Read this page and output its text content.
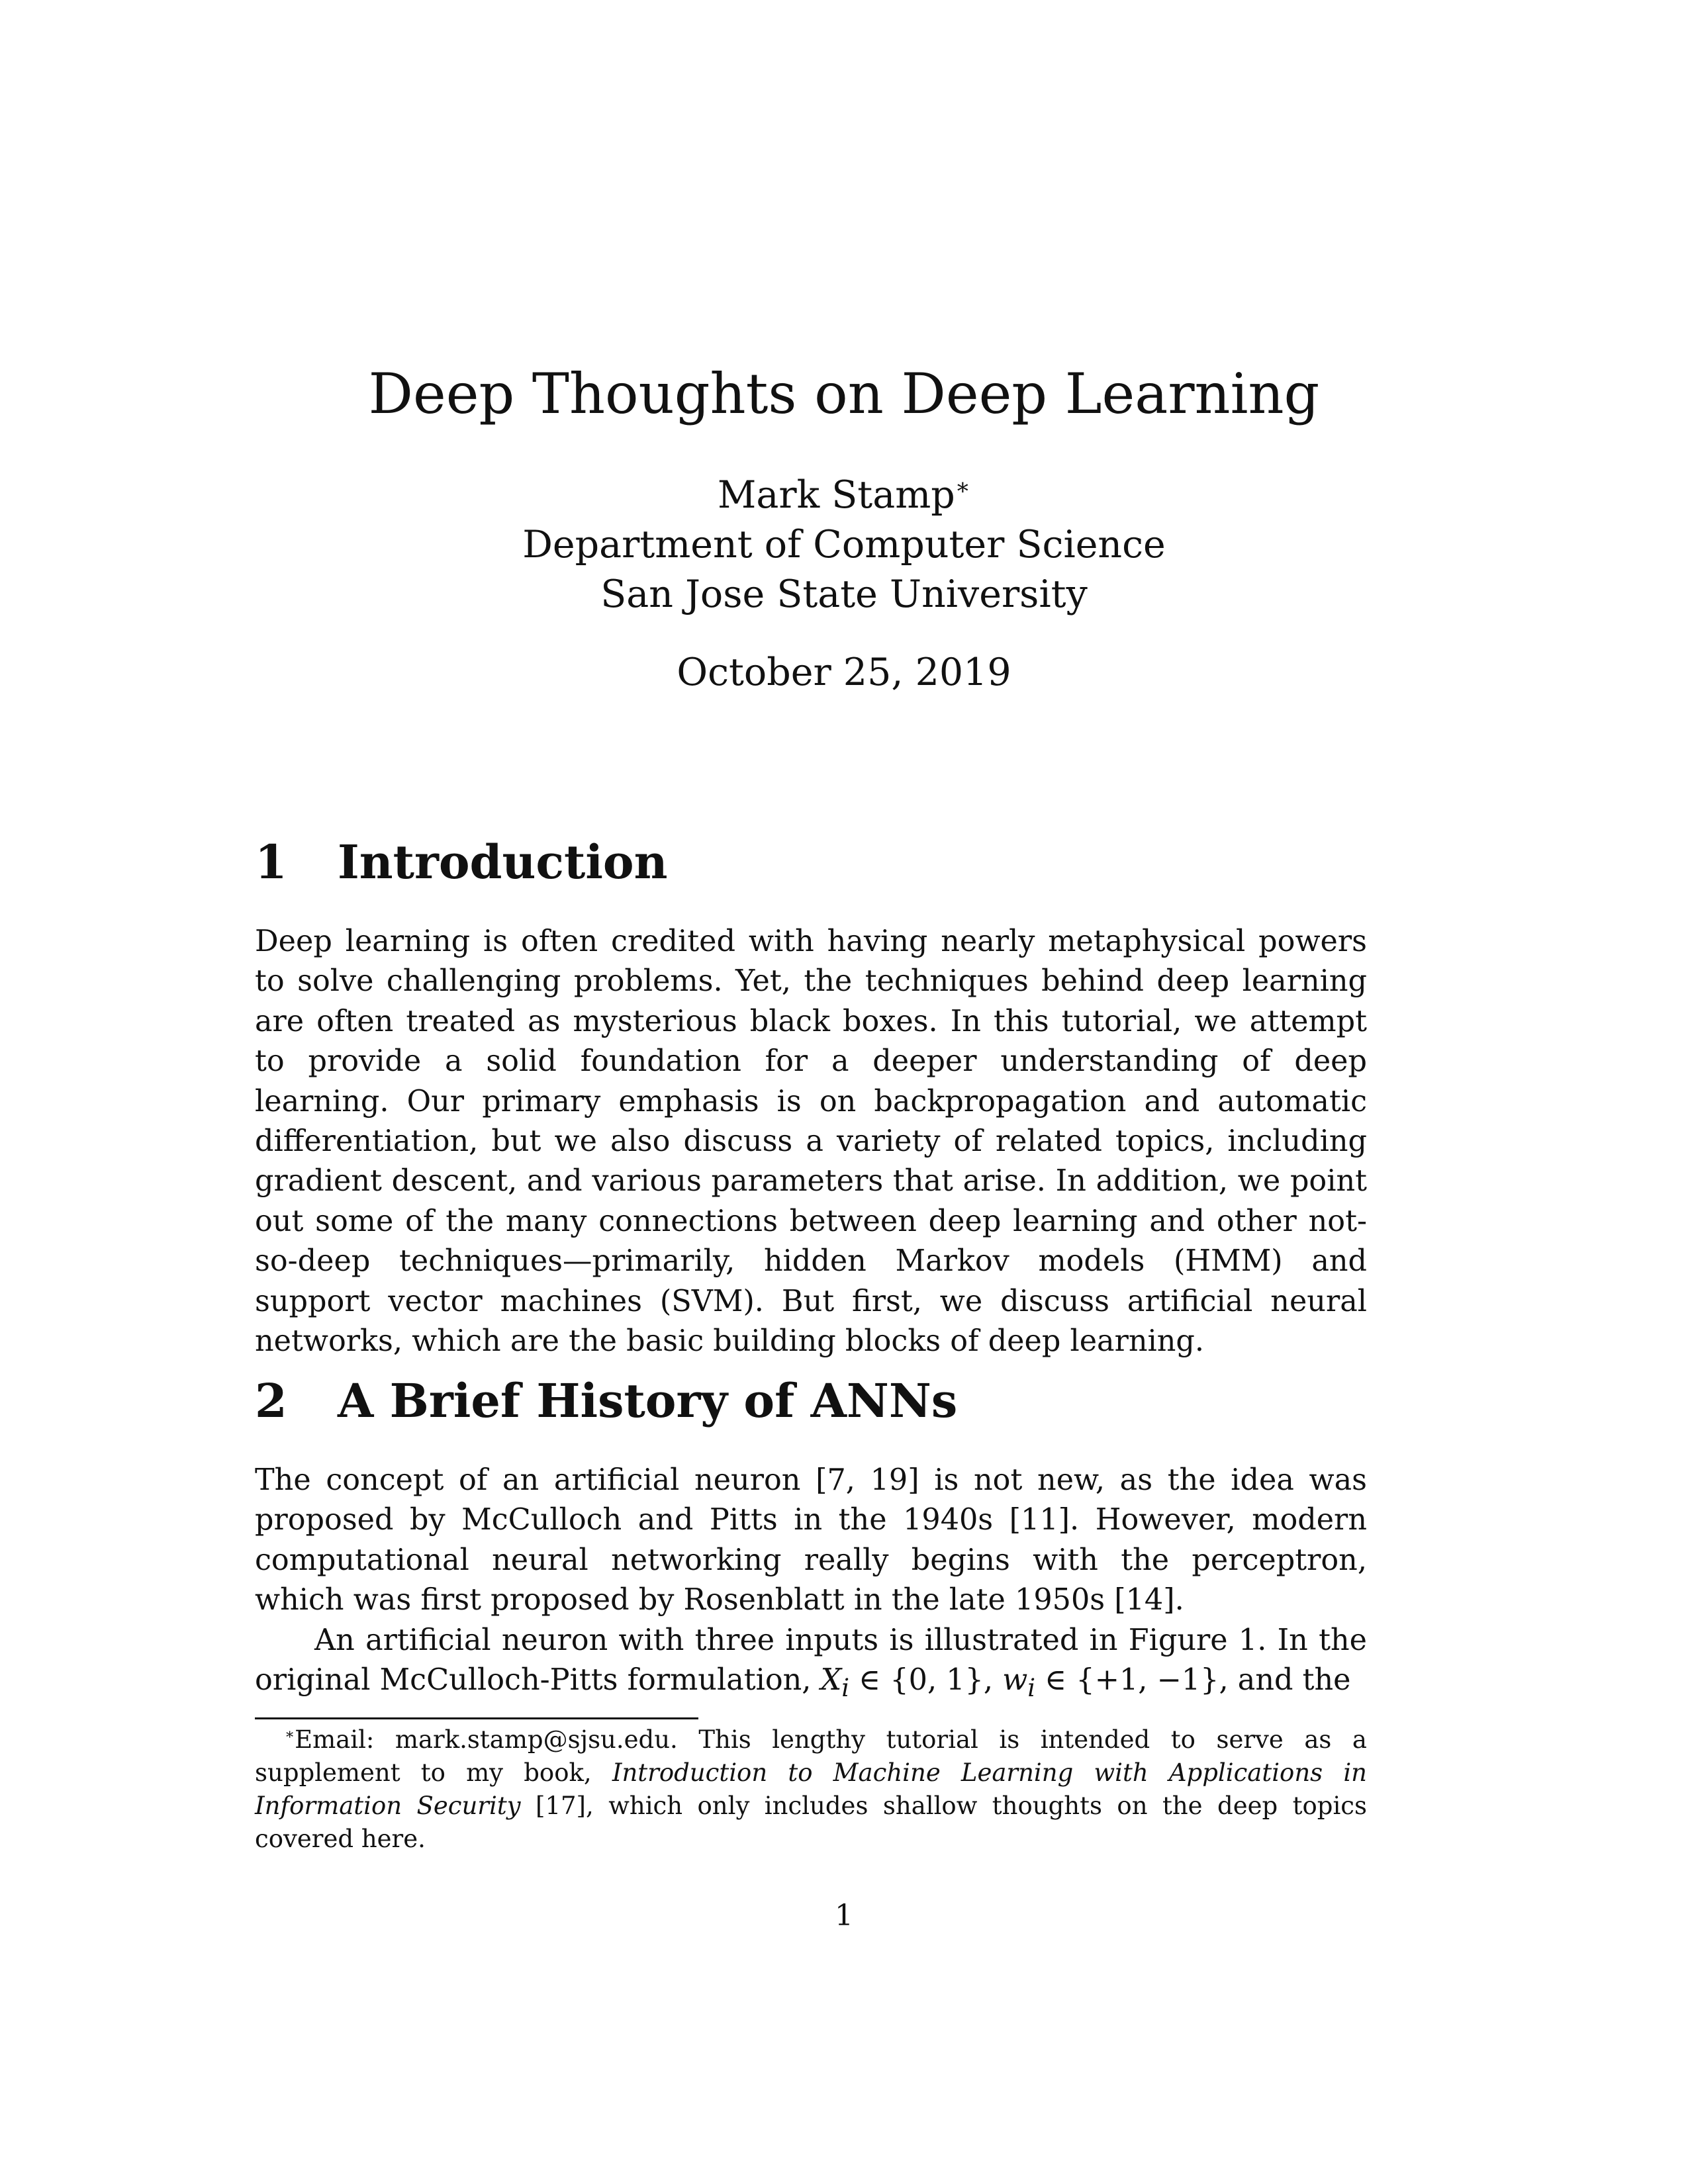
Deep Thoughts on Deep Learning
Mark Stamp∗
Department of Computer Science
San Jose State University
October 25, 2019
1 Introduction
Deep learning is often credited with having nearly metaphysical powers to solve challenging problems. Yet, the techniques behind deep learning are often treated as mysterious black boxes. In this tutorial, we attempt to provide a solid foundation for a deeper understanding of deep learning. Our primary emphasis is on backpropagation and automatic differentiation, but we also discuss a variety of related topics, including gradient descent, and various parameters that arise. In addition, we point out some of the many connections between deep learning and other not-so-deep techniques—primarily, hidden Markov models (HMM) and support vector machines (SVM). But first, we discuss artificial neural networks, which are the basic building blocks of deep learning.
2 A Brief History of ANNs
The concept of an artificial neuron [7, 19] is not new, as the idea was proposed by McCulloch and Pitts in the 1940s [11]. However, modern computational neural networking really begins with the perceptron, which was first proposed by Rosenblatt in the late 1950s [14].
An artificial neuron with three inputs is illustrated in Figure 1. In the original McCulloch-Pitts formulation, $X_i$ ∈ {0, 1}, $w_i$ ∈ {+1, −1}, and the
∗Email: mark.stamp@sjsu.edu. This lengthy tutorial is intended to serve as a supplement to my book, Introduction to Machine Learning with Applications in Information Security [17], which only includes shallow thoughts on the deep topics covered here.
1
